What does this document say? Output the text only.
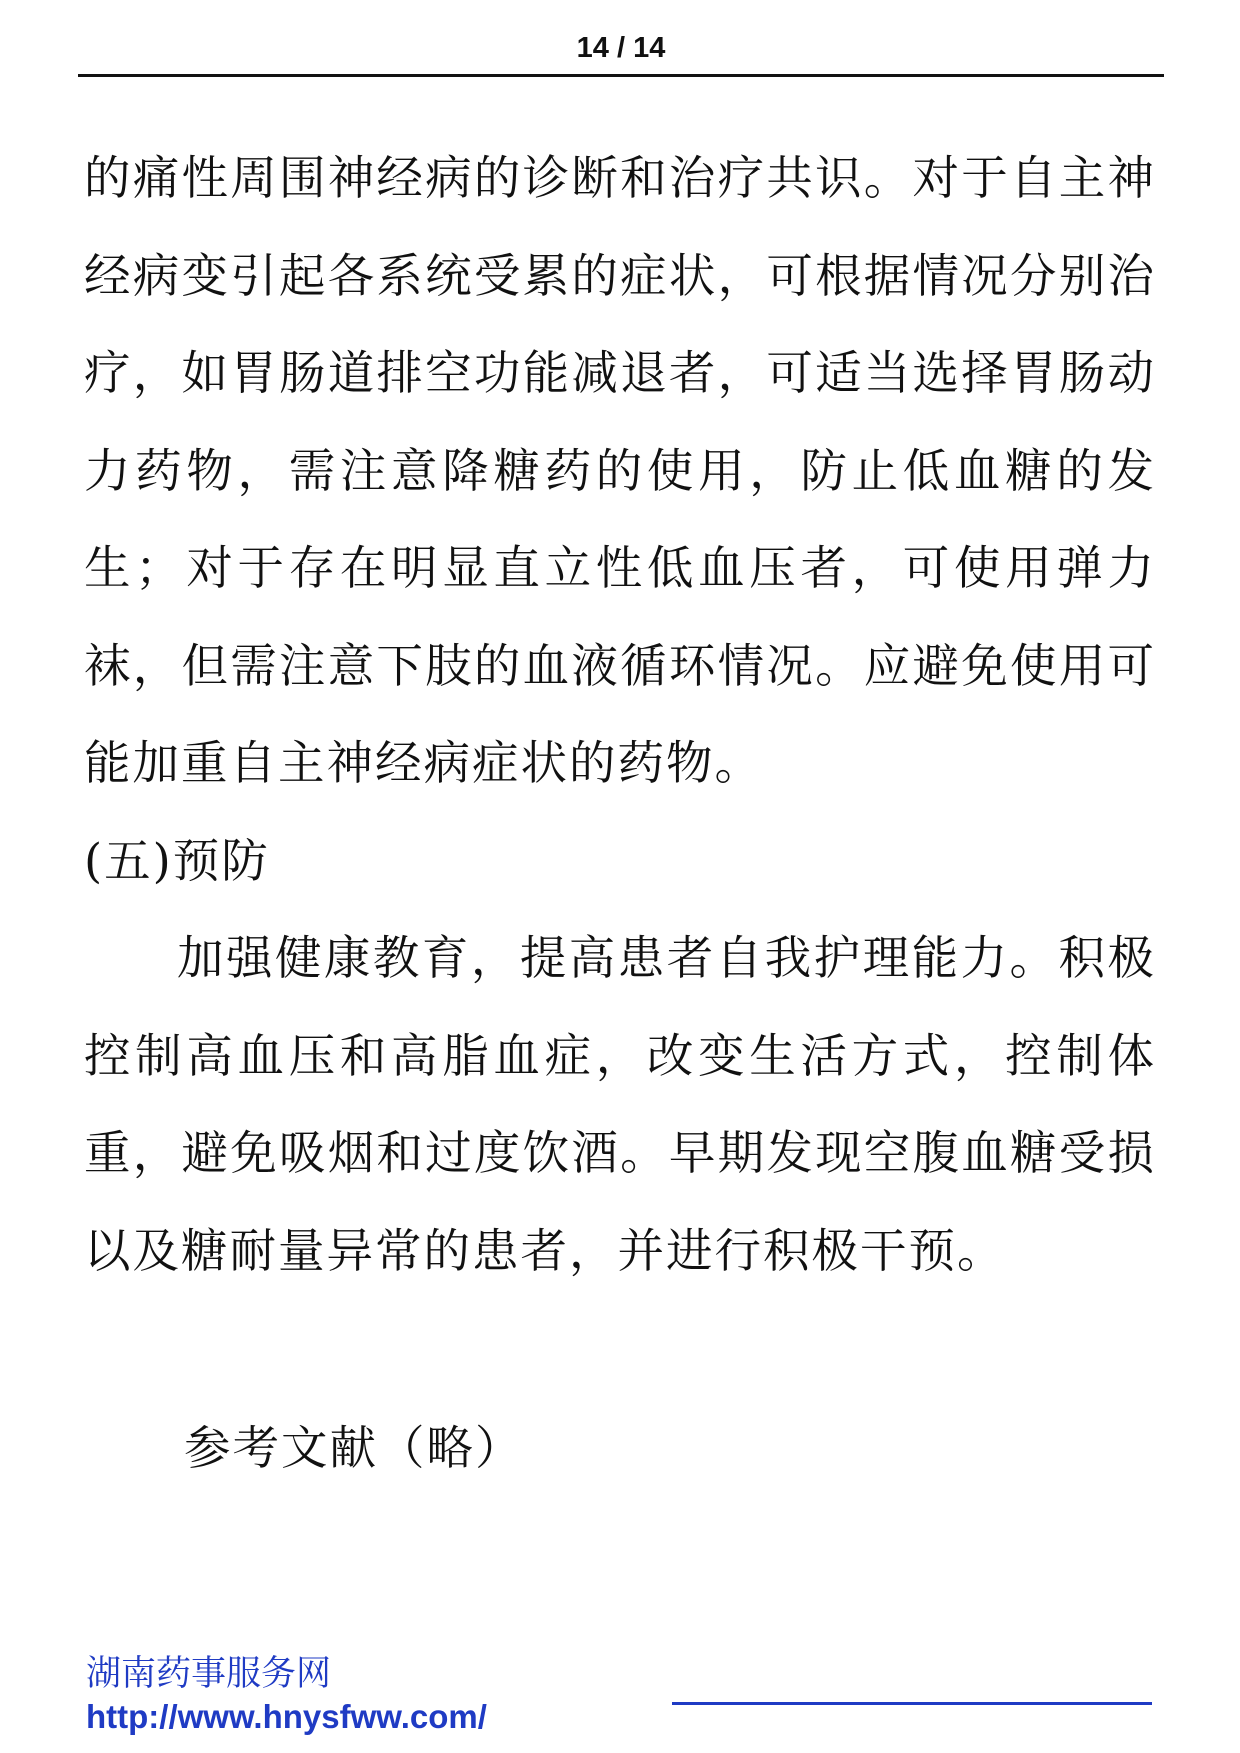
14 / 14

的痛性周围神经病的诊断和治疗共识。对于自主神经病变引起各系统受累的症状，可根据情况分别治疗，如胃肠道排空功能减退者，可适当选择胃肠动力药物，需注意降糖药的使用，防止低血糖的发生；对于存在明显直立性低血压者，可使用弹力袜，但需注意下肢的血液循环情况。应避免使用可能加重自主神经病症状的药物。

(五)预防

加强健康教育，提高患者自我护理能力。积极控制高血压和高脂血症，改变生活方式，控制体重，避免吸烟和过度饮酒。早期发现空腹血糖受损以及糖耐量异常的患者，并进行积极干预。

参考文献（略）

湖南药事服务网

http://www.hnysfww.com/
